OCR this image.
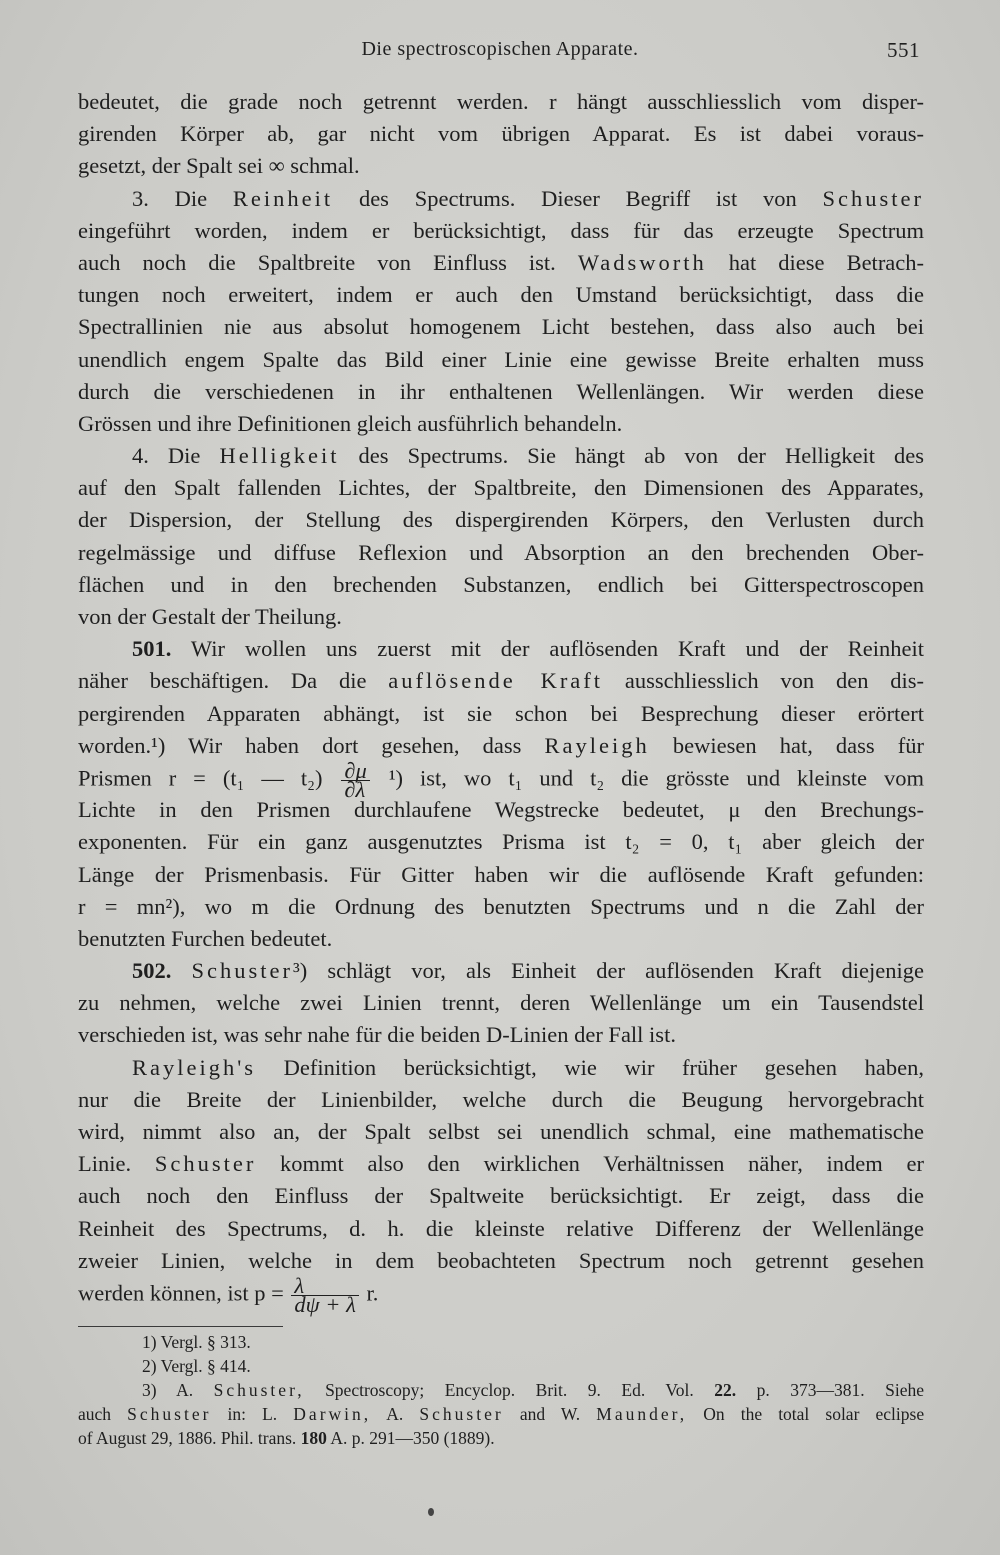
Die spectroscopischen Apparate.	551
bedeutet, die grade noch getrennt werden. r hängt ausschliesslich vom disper-
girenden Körper ab, gar nicht vom übrigen Apparat. Es ist dabei voraus-
gesetzt, der Spalt sei ∞ schmal.
3. Die Reinheit des Spectrums. Dieser Begriff ist von Schuster
eingeführt worden, indem er berücksichtigt, dass für das erzeugte Spectrum
auch noch die Spaltbreite von Einfluss ist. Wadsworth hat diese Betrach-
tungen noch erweitert, indem er auch den Umstand berücksichtigt, dass die
Spectrallinien nie aus absolut homogenem Licht bestehen, dass also auch bei
unendlich engem Spalte das Bild einer Linie eine gewisse Breite erhalten muss
durch die verschiedenen in ihr enthaltenen Wellenlängen. Wir werden diese
Grössen und ihre Definitionen gleich ausführlich behandeln.
4. Die Helligkeit des Spectrums. Sie hängt ab von der Helligkeit des
auf den Spalt fallenden Lichtes, der Spaltbreite, den Dimensionen des Apparates,
der Dispersion, der Stellung des dispergirenden Körpers, den Verlusten durch
regelmässige und diffuse Reflexion und Absorption an den brechenden Ober-
flächen und in den brechenden Substanzen, endlich bei Gitterspectroscopen
von der Gestalt der Theilung.
501. Wir wollen uns zuerst mit der auflösenden Kraft und der Reinheit
näher beschäftigen. Da die auflösende Kraft ausschliesslich von den dis-
pergirenden Apparaten abhängt, ist sie schon bei Besprechung dieser erörtert
worden.¹) Wir haben dort gesehen, dass Rayleigh bewiesen hat, dass für
Prismen r = (t₁ — $t_2) \frac{\partial\mu}{\partial\lambda} ^1$) ist, wo t₁ und t₂ die grösste und kleinste vom
Lichte in den Prismen durchlaufene Wegstrecke bedeutet, μ den Brechungs-
exponenten. Für ein ganz ausgenutztes Prisma ist t₂ = 0, t₁ aber gleich der
Länge der Prismenbasis. Für Gitter haben wir die auflösende Kraft gefunden:
r = mn²), wo m die Ordnung des benutzten Spectrums und n die Zahl der
benutzten Furchen bedeutet.
502. Schuster³) schlägt vor, als Einheit der auflösenden Kraft diejenige
zu nehmen, welche zwei Linien trennt, deren Wellenlänge um ein Tausendstel
verschieden ist, was sehr nahe für die beiden D-Linien der Fall ist.
Rayleigh's Definition berücksichtigt, wie wir früher gesehen haben,
nur die Breite der Linienbilder, welche durch die Beugung hervorgebracht
wird, nimmt also an, der Spalt selbst sei unendlich schmal, eine mathematische
Linie. Schuster kommt also den wirklichen Verhältnissen näher, indem er
auch noch den Einfluss der Spaltweite berücksichtigt. Er zeigt, dass die
Reinheit des Spectrums, d. h. die kleinste relative Differenz der Wellenlänge
zweier Linien, welche in dem beobachteten Spectrum noch getrennt gesehen
werden können, ist $p = \frac{\lambda}{d\psi + \lambda} r$.
1) Vergl. § 313.
2) Vergl. § 414.
3) A. Schuster, Spectroscopy; Encyclop. Brit. 9. Ed. Vol. 22. p. 373—381. Siehe
auch Schuster in: L. Darwin, A. Schuster and W. Maunder, On the total solar eclipse
of August 29, 1886. Phil. trans. 180 A. p. 291—350 (1889).
